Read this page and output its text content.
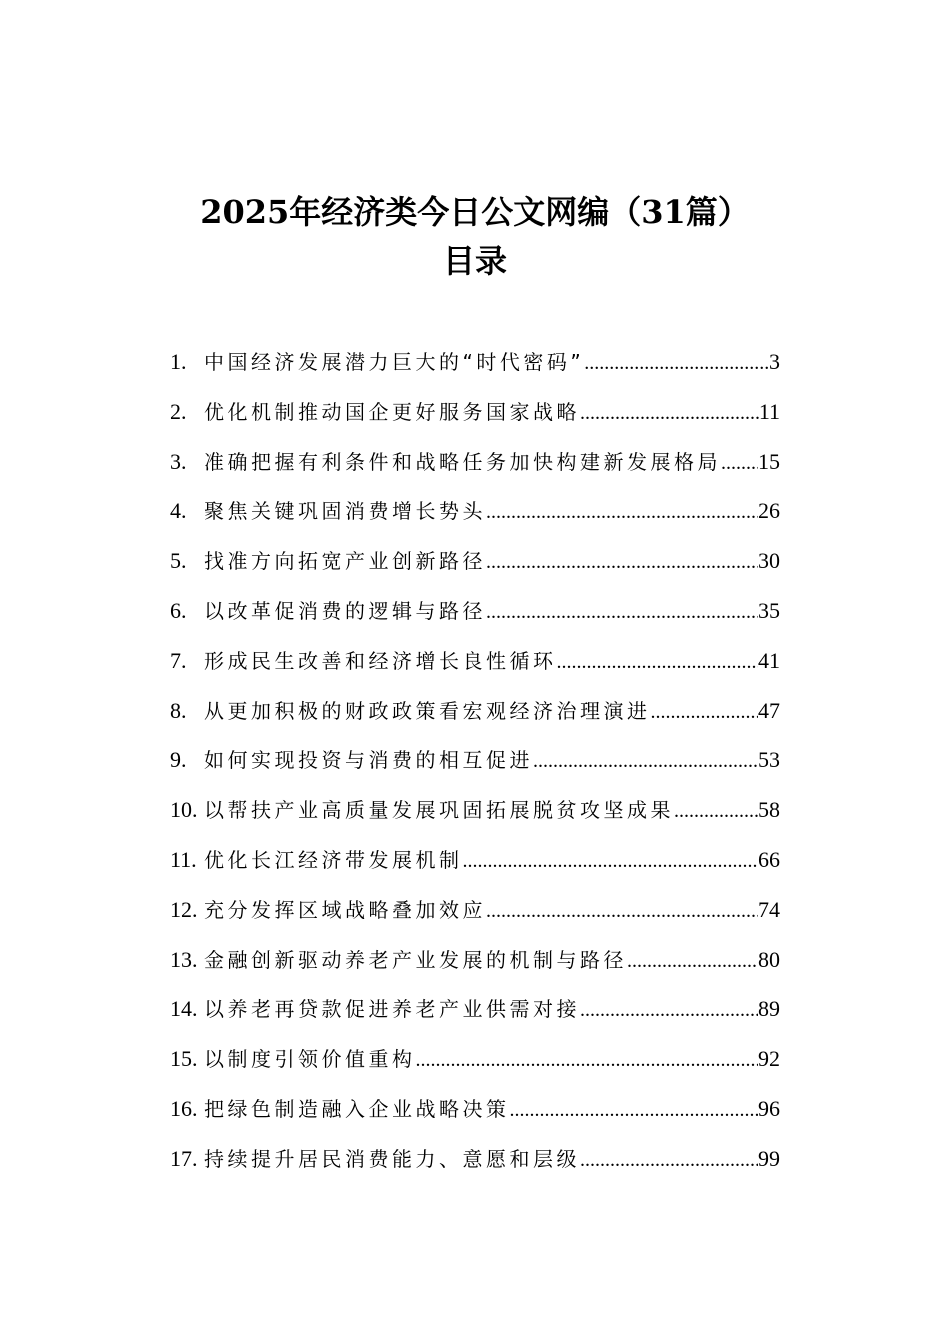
2025年经济类今日公文网编（31篇）
目录
1. 中国经济发展潜力巨大的“时代密码” .....	3
2. 优化机制推动国企更好服务国家战略 .....	11
3. 准确把握有利条件和战略任务加快构建新发展格局 ..... 15
4. 聚焦关键巩固消费增长势头 .....	26
5. 找准方向拓宽产业创新路径 .....	30
6. 以改革促消费的逻辑与路径 .....	35
7. 形成民生改善和经济增长良性循环 .....	41
8. 从更加积极的财政政策看宏观经济治理演进 .....	47
9. 如何实现投资与消费的相互促进 .....	53
10. 以帮扶产业高质量发展巩固拓展脱贫攻坚成果 .....	58
11. 优化长江经济带发展机制 .....	66
12. 充分发挥区域战略叠加效应 .....	74
13. 金融创新驱动养老产业发展的机制与路径 .....	80
14. 以养老再贷款促进养老产业供需对接 .....	89
15. 以制度引领价值重构 .....	92
16. 把绿色制造融入企业战略决策 .....	96
17. 持续提升居民消费能力、意愿和层级 .....	99
